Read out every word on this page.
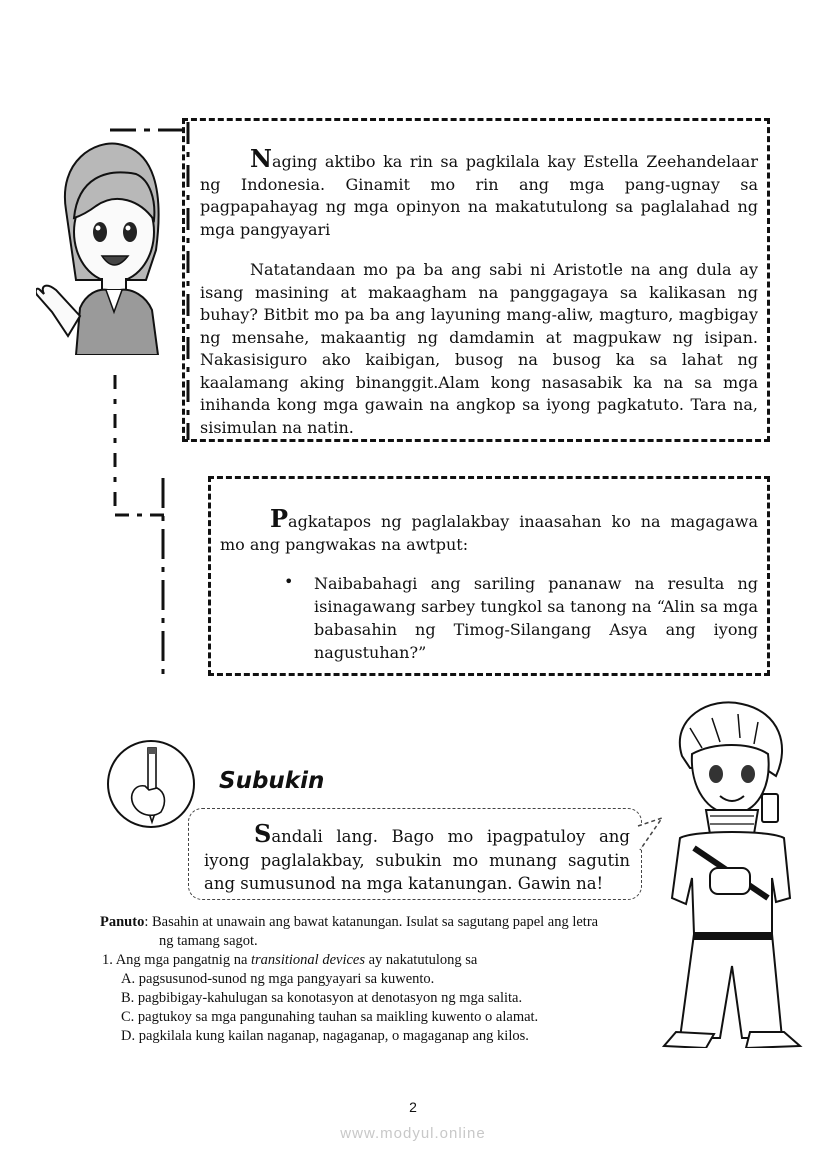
Naging aktibo ka rin sa pagkilala kay Estella Zeehandelaar ng Indonesia. Ginamit mo rin ang mga pang-ugnay sa pagpapahayag ng mga opinyon na makatutulong sa paglalahad ng mga pangyayari
Natatandaan mo pa ba ang sabi ni Aristotle na ang dula ay isang masining at makaagham na panggagaya sa kalikasan ng buhay? Bitbit mo pa ba ang layuning mang-aliw, magturo, magbigay ng mensahe, makaantig ng damdamin at magpukaw ng isipan. Nakasisiguro ako kaibigan, busog na busog ka sa lahat ng kaalamang aking binanggit.Alam kong nasasabik ka na sa mga inihanda kong mga gawain na angkop sa iyong pagkatuto. Tara na, sisimulan na natin.
Pagkatapos ng paglalakbay inaasahan ko na magagawa mo ang pangwakas na awtput:
• Naibabahagi ang sariling pananaw na resulta ng isinagawang sarbey tungkol sa tanong na “Alin sa mga babasahin ng Timog-Silangang Asya ang iyong nagustuhan?”
Subukin
Sandali lang. Bago mo ipagpatuloy ang iyong paglalakbay, subukin mo munang sagutin ang sumusunod na mga katanungan. Gawin na!
Panuto: Basahin at unawain ang bawat katanungan. Isulat sa sagutang papel ang letra
ng tamang sagot.
1. Ang mga pangatnig na transitional devices ay nakatutulong sa
A. pagsusunod-sunod ng mga pangyayari sa kuwento.
B. pagbibigay-kahulugan sa konotasyon at denotasyon ng mga salita.
C. pagtukoy sa mga pangunahing tauhan sa maikling kuwento o alamat.
D. pagkilala kung kailan naganap, nagaganap, o magaganap ang kilos.
2
www.modyul.online
